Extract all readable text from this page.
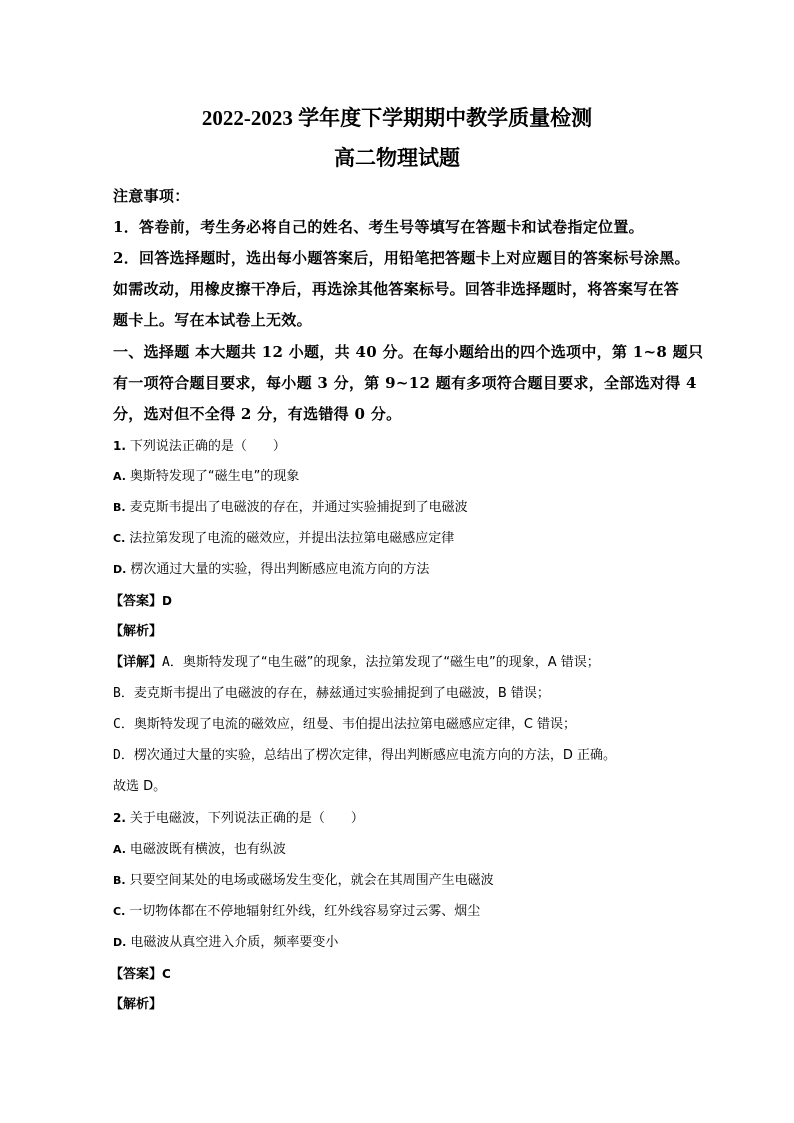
2022-2023 学年度下学期期中教学质量检测
高二物理试题
注意事项：
1．答卷前，考生务必将自己的姓名、考生号等填写在答题卡和试卷指定位置。
2．回答选择题时，选出每小题答案后，用铅笔把答题卡上对应题目的答案标号涂黑。
如需改动，用橡皮擦干净后，再选涂其他答案标号。回答非选择题时，将答案写在答
题卡上。写在本试卷上无效。
一、选择题 本大题共 12 小题，共 40 分。在每小题给出的四个选项中，第 1~8 题只
有一项符合题目要求，每小题 3 分，第 9~12 题有多项符合题目要求，全部选对得 4
分，选对但不全得 2 分，有选错得 0 分。
1. 下列说法正确的是（　　）
A. 奥斯特发现了“磁生电”的现象
B. 麦克斯韦提出了电磁波的存在，并通过实验捕捉到了电磁波
C. 法拉第发现了电流的磁效应，并提出法拉第电磁感应定律
D. 楞次通过大量的实验，得出判断感应电流方向的方法
【答案】D
【解析】
【详解】A．奥斯特发现了“电生磁”的现象，法拉第发现了“磁生电”的现象，A 错误；
B．麦克斯韦提出了电磁波的存在，赫兹通过实验捕捉到了电磁波，B 错误；
C．奥斯特发现了电流的磁效应，纽曼、韦伯提出法拉第电磁感应定律，C 错误；
D．楞次通过大量的实验，总结出了楞次定律，得出判断感应电流方向的方法，D 正确。
故选 D。
2. 关于电磁波，下列说法正确的是（　　）
A. 电磁波既有横波，也有纵波
B. 只要空间某处的电场或磁场发生变化，就会在其周围产生电磁波
C. 一切物体都在不停地辐射红外线，红外线容易穿过云雾、烟尘
D. 电磁波从真空进入介质，频率要变小
【答案】C
【解析】
